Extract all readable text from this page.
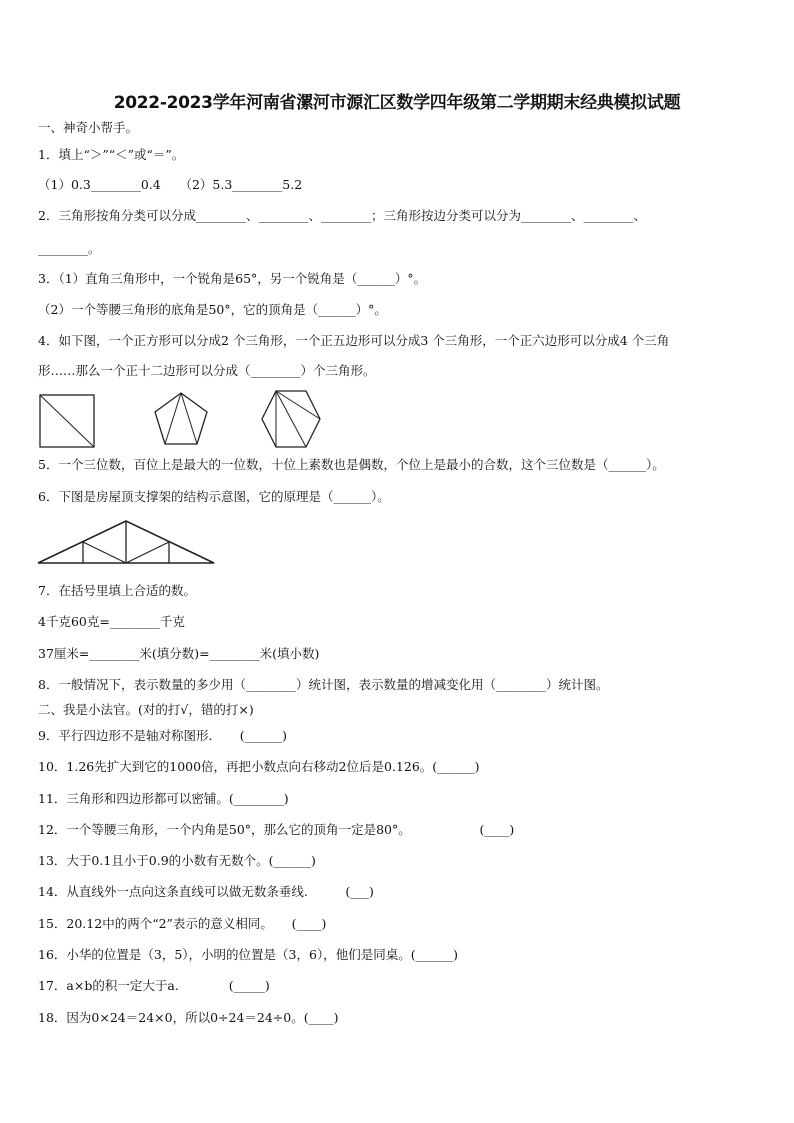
2022-2023学年河南省漯河市源汇区数学四年级第二学期期末经典模拟试题
一、神奇小帮手。
1．填上“＞”“＜”或“＝”。
（1）0.3________0.4　　（2）5.3________5.2
2．三角形按角分类可以分成________、________、________；三角形按边分类可以分为________、________、
________。
3．（1）直角三角形中，一个锐角是65°，另一个锐角是（______）°。
（2）一个等腰三角形的底角是50°，它的顶角是（______）°。
4．如下图，一个正方形可以分成2 个三角形，一个正五边形可以分成3 个三角形，一个正六边形可以分成4 个三角
形……那么一个正十二边形可以分成（________）个三角形。
5．一个三位数，百位上是最大的一位数，十位上素数也是偶数，个位上是最小的合数，这个三位数是（______）。
6．下图是房屋顶支撑架的结构示意图，它的原理是（______）。
7．在括号里填上合适的数。
4千克60克=________千克
37厘米=________米(填分数)=________米(填小数)
8．一般情况下，表示数量的多少用（________）统计图，表示数量的增减变化用（________）统计图。
二、我是小法官。(对的打√，错的打×)
9．平行四边形不是轴对称图形．　　(______)
10．1.26先扩大到它的1000倍，再把小数点向右移动2位后是0.126。(______)
11．三角形和四边形都可以密铺。(________)
12．一个等腰三角形，一个内角是50°，那么它的顶角一定是80°。　　　　　　(____)
13．大于0.1且小于0.9的小数有无数个。(______)
14．从直线外一点向这条直线可以做无数条垂线.　　　(___)
15．20.12中的两个“2”表示的意义相同。　　(____)
16．小华的位置是（3，5），小明的位置是（3，6），他们是同桌。(______)
17．a×b的积一定大于a.　　　　(_____)
18．因为0×24＝24×0，所以0÷24＝24÷0。(____)
